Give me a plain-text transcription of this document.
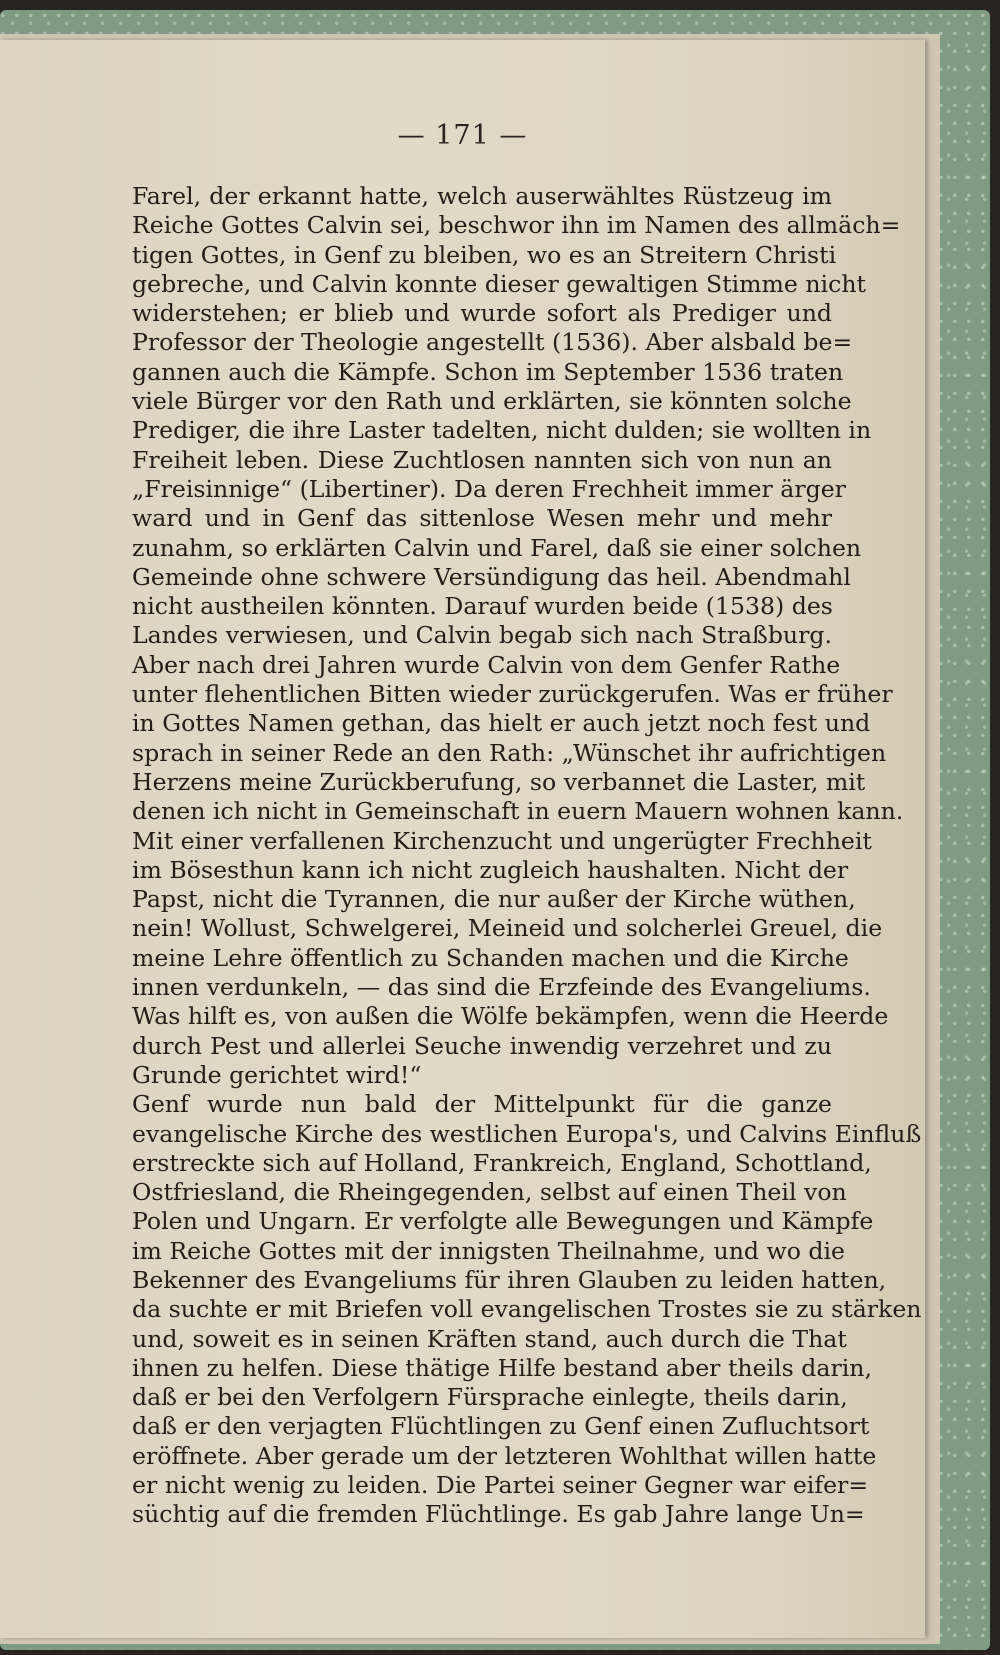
— 171 —

Farel, der erkannt hatte, welch auserwähltes Rüstzeug im
Reiche Gottes Calvin sei, beschwor ihn im Namen des allmäch=
tigen Gottes, in Genf zu bleiben, wo es an Streitern Christi
gebreche, und Calvin konnte dieser gewaltigen Stimme nicht
widerstehen; er blieb und wurde sofort als Prediger und
Professor der Theologie angestellt (1536). Aber alsbald be=
gannen auch die Kämpfe. Schon im September 1536 traten
viele Bürger vor den Rath und erklärten, sie könnten solche
Prediger, die ihre Laster tadelten, nicht dulden; sie wollten in
Freiheit leben. Diese Zuchtlosen nannten sich von nun an
„Freisinnige“ (Libertiner). Da deren Frechheit immer ärger
ward und in Genf das sittenlose Wesen mehr und mehr
zunahm, so erklärten Calvin und Farel, daß sie einer solchen
Gemeinde ohne schwere Versündigung das heil. Abendmahl
nicht austheilen könnten. Darauf wurden beide (1538) des
Landes verwiesen, und Calvin begab sich nach Straßburg.
Aber nach drei Jahren wurde Calvin von dem Genfer Rathe
unter flehentlichen Bitten wieder zurückgerufen. Was er früher
in Gottes Namen gethan, das hielt er auch jetzt noch fest und
sprach in seiner Rede an den Rath: „Wünschet ihr aufrichtigen
Herzens meine Zurückberufung, so verbannet die Laster, mit
denen ich nicht in Gemeinschaft in euern Mauern wohnen kann.
Mit einer verfallenen Kirchenzucht und ungerügter Frechheit
im Bösesthun kann ich nicht zugleich haushalten. Nicht der
Papst, nicht die Tyrannen, die nur außer der Kirche wüthen,
nein! Wollust, Schwelgerei, Meineid und solcherlei Greuel, die
meine Lehre öffentlich zu Schanden machen und die Kirche
innen verdunkeln, — das sind die Erzfeinde des Evangeliums.
Was hilft es, von außen die Wölfe bekämpfen, wenn die Heerde
durch Pest und allerlei Seuche inwendig verzehret und zu
Grunde gerichtet wird!“

Genf wurde nun bald der Mittelpunkt für die ganze
evangelische Kirche des westlichen Europa's, und Calvins Einfluß
erstreckte sich auf Holland, Frankreich, England, Schottland,
Ostfriesland, die Rheingegenden, selbst auf einen Theil von
Polen und Ungarn. Er verfolgte alle Bewegungen und Kämpfe
im Reiche Gottes mit der innigsten Theilnahme, und wo die
Bekenner des Evangeliums für ihren Glauben zu leiden hatten,
da suchte er mit Briefen voll evangelischen Trostes sie zu stärken
und, soweit es in seinen Kräften stand, auch durch die That
ihnen zu helfen. Diese thätige Hilfe bestand aber theils darin,
daß er bei den Verfolgern Fürsprache einlegte, theils darin,
daß er den verjagten Flüchtlingen zu Genf einen Zufluchtsort
eröffnete. Aber gerade um der letzteren Wohlthat willen hatte
er nicht wenig zu leiden. Die Partei seiner Gegner war eifer=
süchtig auf die fremden Flüchtlinge. Es gab Jahre lange Un=
